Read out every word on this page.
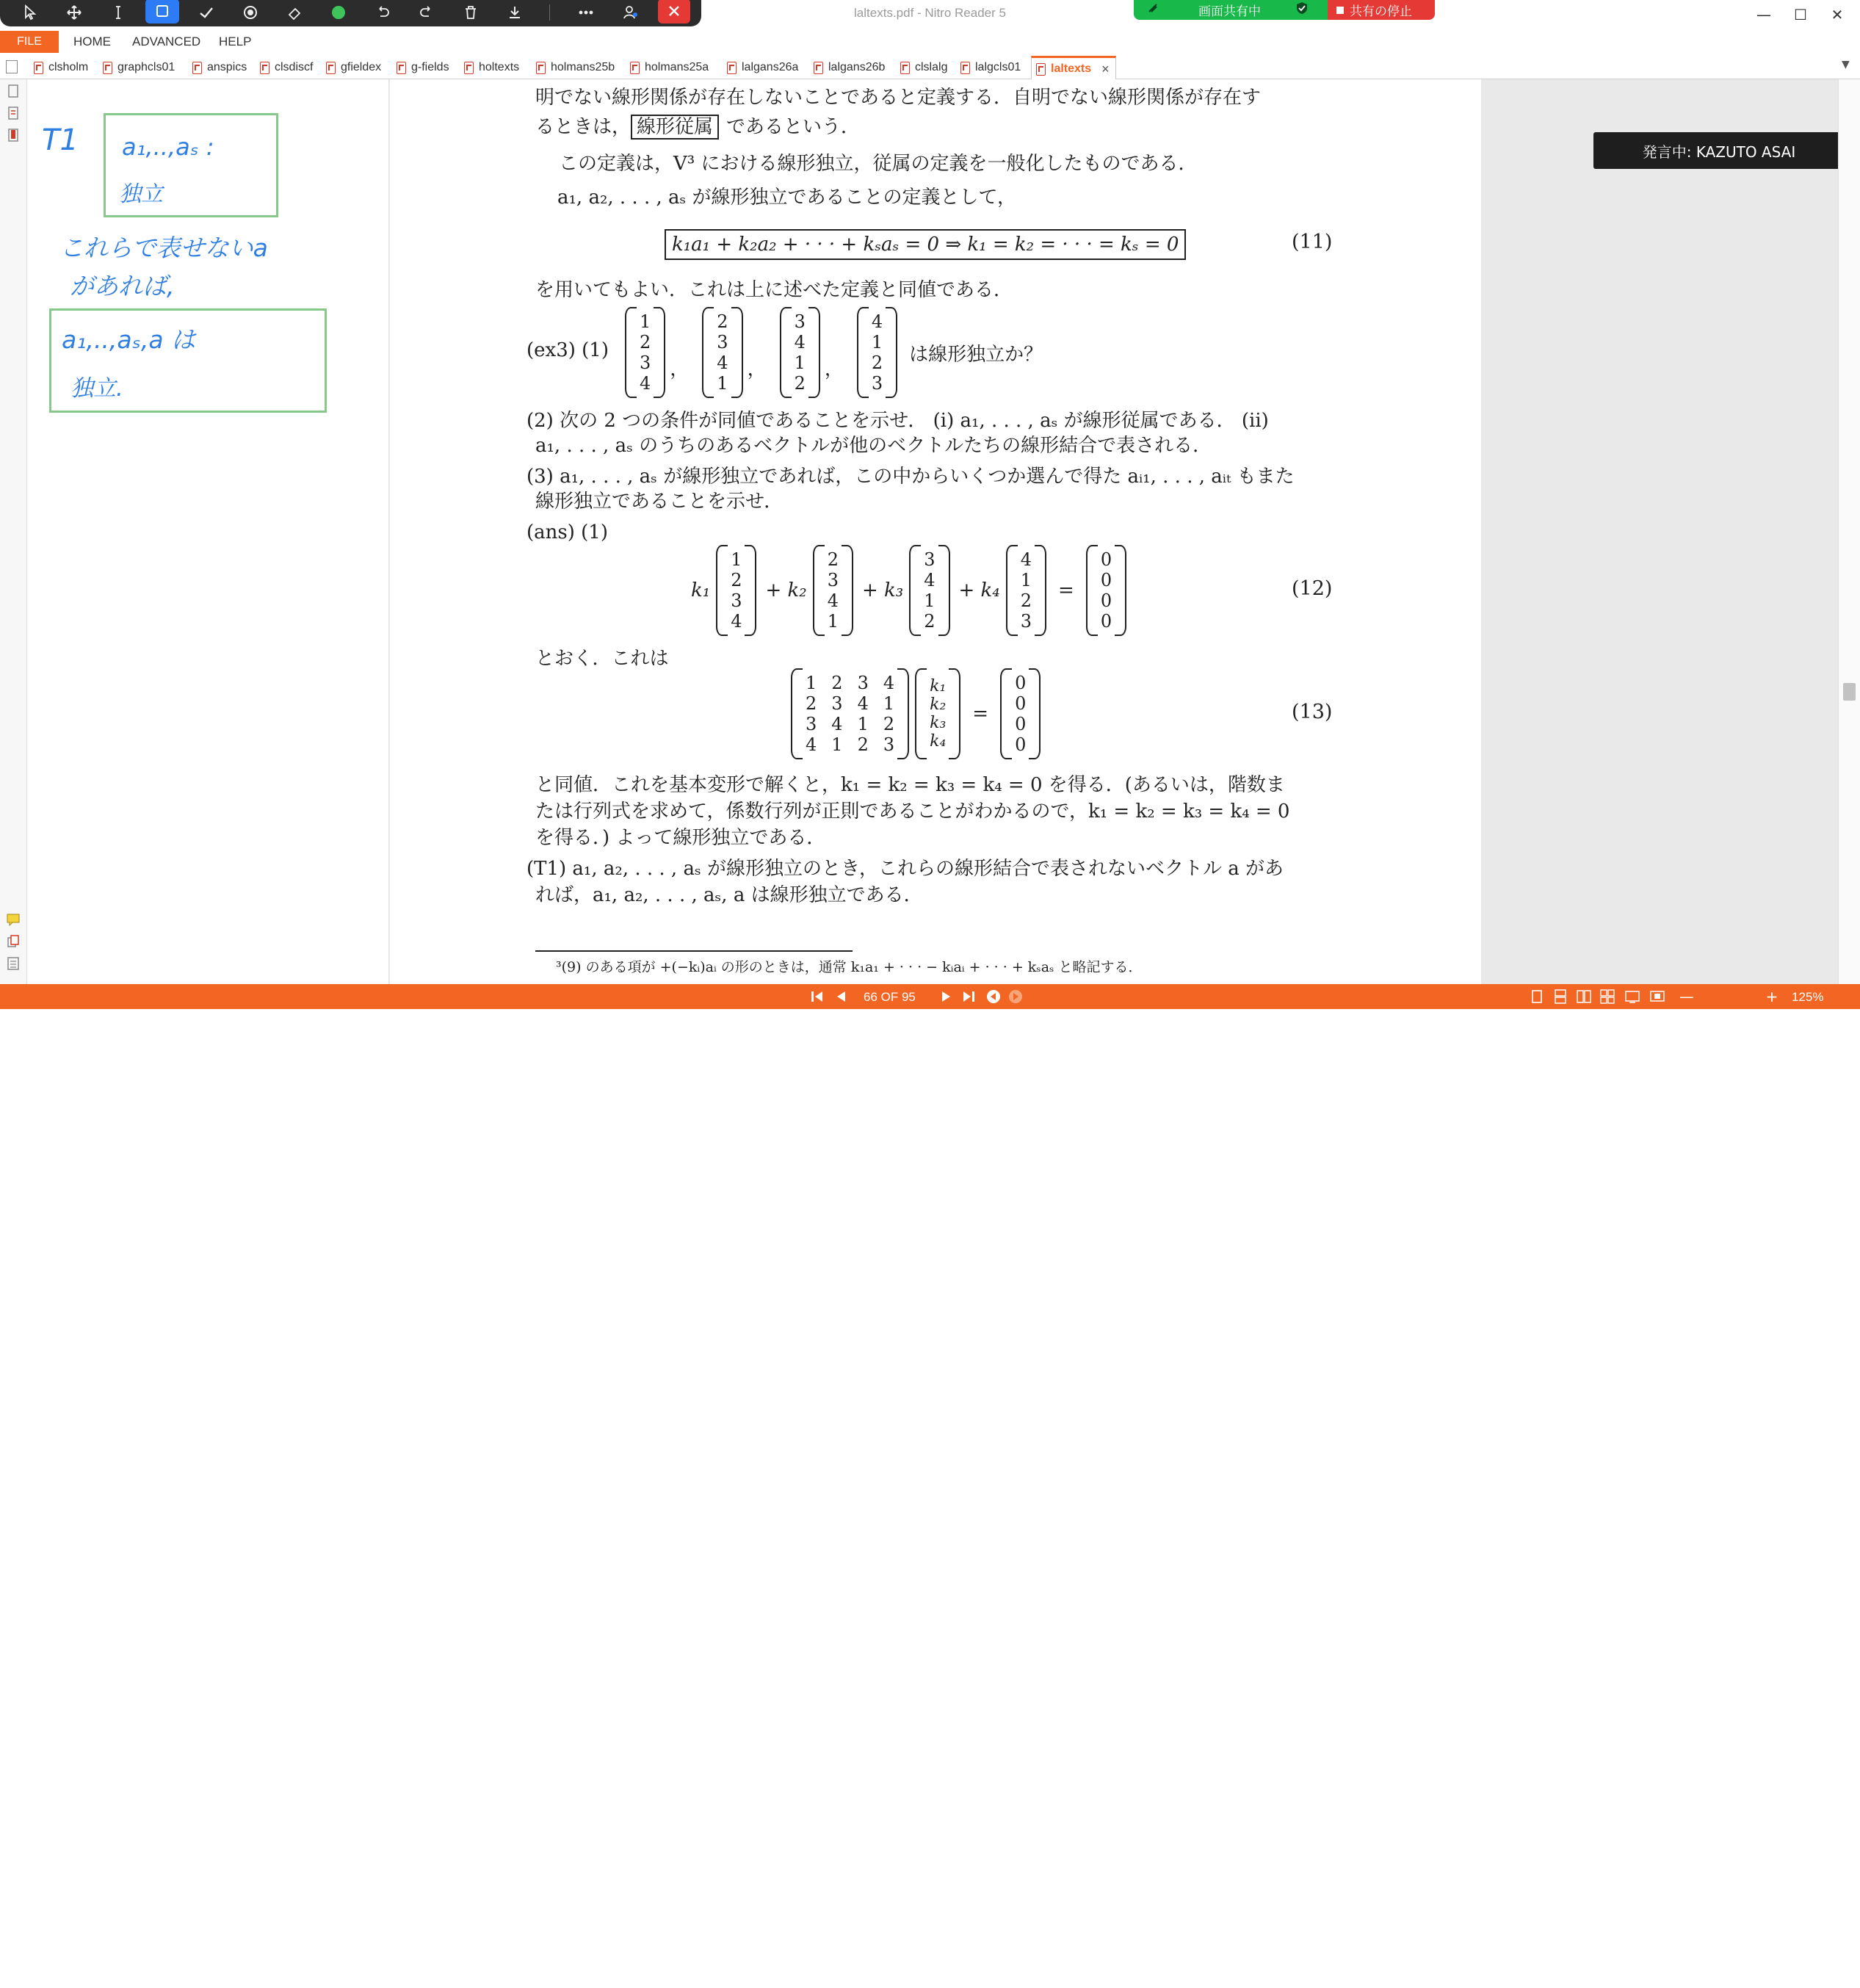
laltexts.pdf - Nitro Reader 5	—	☐	✕
画面共有中	共有の停止
FILE	HOME ADVANCED HELP
clsholm graphcls01	anspics clsdiscf gfieldex	g-fields	holtexts	holmans25b	holmans25a	lalgans26a	lalgans26b	clslalg lalgcls01	laltexts ×	▼
T1 a₁,..,aₛ :
独立
これらで表せないa
があれば,
a₁,..,aₛ,a は
独立.
明でない線形関係が存在しないことであると定義する．自明でない線形関係が存在す
るときは， 線形従属 であるという．
この定義は，V³ における線形独立，従属の定義を一般化したものである．
a₁, a₂, . . . , aₛ が線形独立であることの定義として，
k₁a₁ + k₂a₂ + · · · + kₛaₛ = 0 ⇒ k₁ = k₂ = · · · = kₛ = 0	(11)
を用いてもよい．これは上に述べた定義と同値である．
(ex3) (1)
1
2
3
4
，
2
3
4
1
，
3
4
1
2
，
4
1
2
3
は線形独立か？
(2) 次の 2 つの条件が同値であることを示せ． (i) a₁, . . . , aₛ が線形従属である． (ii)
a₁, . . . , aₛ のうちのあるベクトルが他のベクトルたちの線形結合で表される．
(3) a₁, . . . , aₛ が線形独立であれば，この中からいくつか選んで得た aᵢ₁, . . . , aᵢₜ もまた
線形独立であることを示せ．
(ans) (1)
k₁
1
2
3
4
+ k₂
2
3
4
1
+ k₃
3
4
1
2
+ k₄
4
1
2
3
=
0
0
0
0
(12)
とおく．これは
1 2 3 4
2 3 4 1
3 4 1 2
4 1 2 3
k₁
k₂
k₃
k₄
=
0
0
0
0
(13)
と同値．これを基本変形で解くと，k₁ = k₂ = k₃ = k₄ = 0 を得る．(あるいは，階数ま
たは行列式を求めて，係数行列が正則であることがわかるので，k₁ = k₂ = k₃ = k₄ = 0
を得る．) よって線形独立である．
(T1) a₁, a₂, . . . , aₛ が線形独立のとき，これらの線形結合で表されないベクトル a があ
れば，a₁, a₂, . . . , aₛ, a は線形独立である．
³(9) のある項が +(−kᵢ)aᵢ の形のときは，通常 k₁a₁ + · · · − kᵢaᵢ + · · · + kₛaₛ と略記する．
発言中: KAZUTO ASAI
—	+
66 OF 95	125%
